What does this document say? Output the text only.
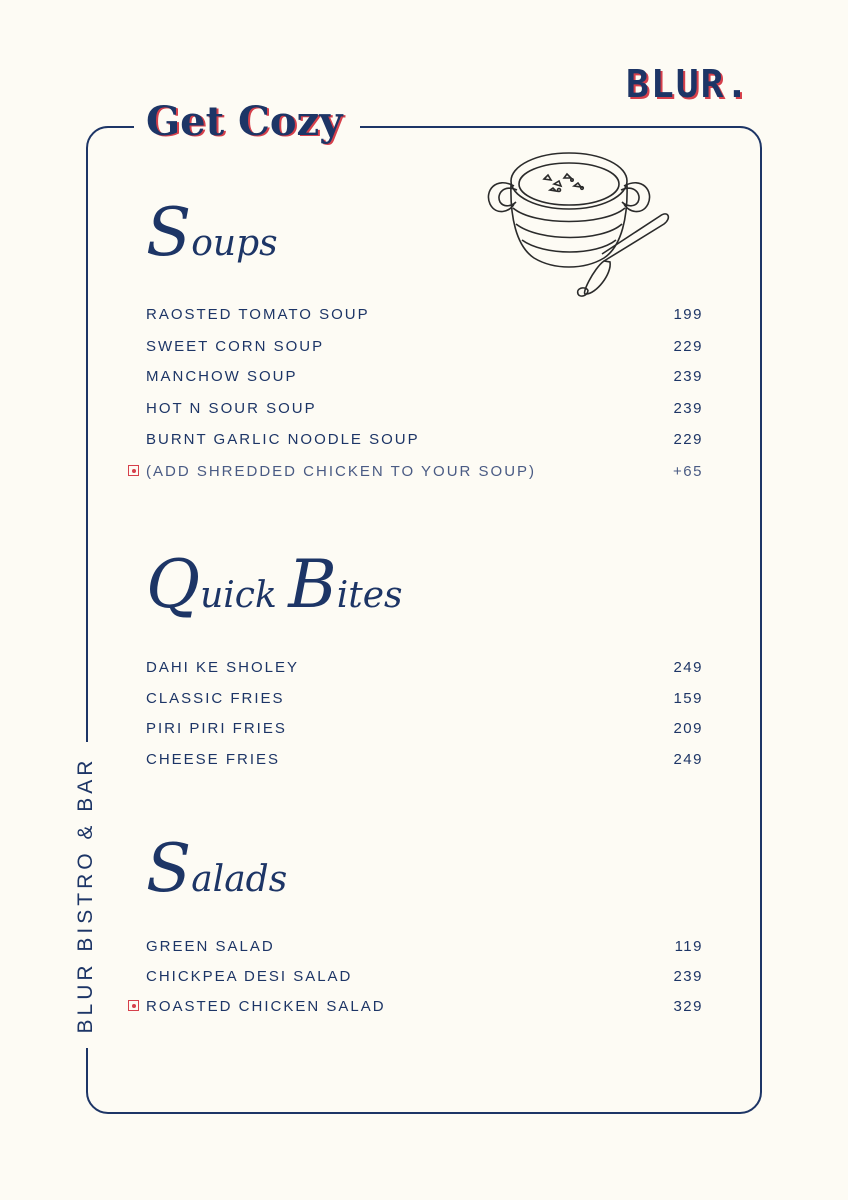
BLUR.
Get Cozy
BLUR BISTRO & BAR
Soups
RAOSTED TOMATO SOUP	199
SWEET CORN SOUP	229
MANCHOW SOUP	239
HOT N SOUR SOUP	239
BURNT GARLIC NOODLE SOUP	229
(ADD SHREDDED CHICKEN TO YOUR SOUP)	+65
Quick Bites
DAHI KE SHOLEY	249
CLASSIC FRIES	159
PIRI PIRI FRIES	209
CHEESE FRIES	249
Salads
GREEN SALAD	119
CHICKPEA DESI SALAD	239
ROASTED CHICKEN SALAD	329
